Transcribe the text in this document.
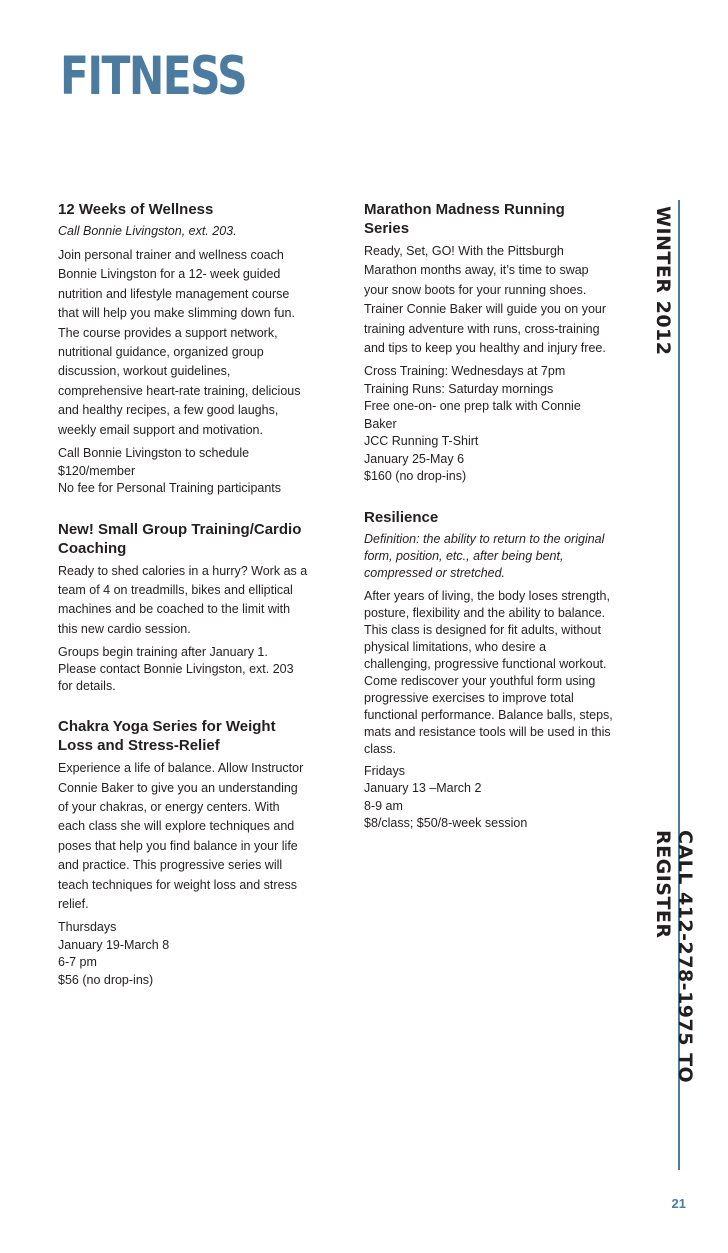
FITNESS
12 Weeks of Wellness

Call Bonnie Livingston, ext. 203.

Join personal trainer and wellness coach Bonnie Livingston for a 12- week guided nutrition and lifestyle management course that will help you make slimming down fun. The course provides a support network, nutritional guidance, organized group discussion, workout guidelines, comprehensive heart-rate training, delicious and healthy recipes, a few good laughs, weekly email support and motivation.

Call Bonnie Livingston to schedule
$120/member
No fee for Personal Training participants
New! Small Group Training/Cardio Coaching

Ready to shed calories in a hurry? Work as a team of 4 on treadmills, bikes and elliptical machines and be coached to the limit with this new cardio session.

Groups begin training after January 1. Please contact Bonnie Livingston, ext. 203 for details.

Chakra Yoga Series for Weight Loss and Stress-Relief

Experience a life of balance. Allow Instructor Connie Baker to give you an understanding of your chakras, or energy centers. With each class she will explore techniques and poses that help you find balance in your life and practice. This progressive series will teach techniques for weight loss and stress relief.

Thursdays
January 19-March 8
6-7 pm
$56 (no drop-ins)
Marathon Madness Running Series

Ready, Set, GO! With the Pittsburgh Marathon months away, it’s time to swap your snow boots for your running shoes. Trainer Connie Baker will guide you on your training adventure with runs, cross-training and tips to keep you healthy and injury free.

Cross Training: Wednesdays at 7pm
Training Runs: Saturday mornings
Free one-on- one prep talk with Connie Baker
JCC Running T-Shirt
January 25-May 6
$160 (no drop-ins)
Resilience

Definition: the ability to return to the original form, position, etc., after being bent, compressed or stretched.

After years of living, the body loses strength, posture, flexibility and the ability to balance. This class is designed for fit adults, without physical limitations, who desire a challenging, progressive functional workout. Come rediscover your youthful form using progressive exercises to improve total functional performance. Balance balls, steps, mats and resistance tools will be used in this class.

Fridays
January 13 –March 2
8-9 am
$8/class; $50/8-week session
WINTER 2012
CALL 412-278-1975 TO REGISTER
21
